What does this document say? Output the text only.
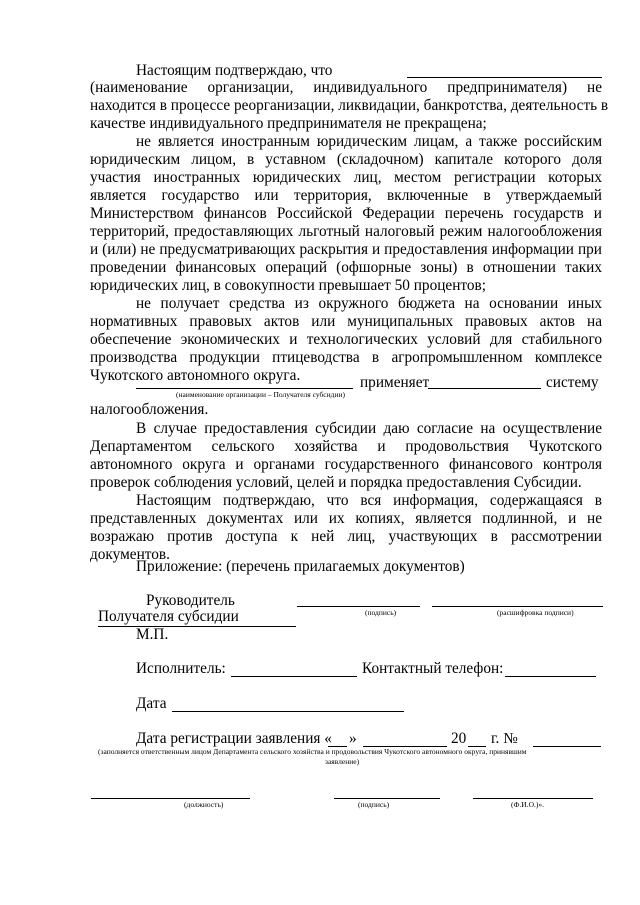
Настоящим подтверждаю, что
(наименование организации, индивидуального предпринимателя) не
находится в процессе реорганизации, ликвидации, банкротства, деятельность в
качестве индивидуального предпринимателя не прекращена;
не является иностранным юридическим лицам, а также российским
юридическим лицом, в уставном (складочном) капитале которого доля
участия иностранных юридических лиц, местом регистрации которых
является государство или территория, включенные в утверждаемый
Министерством финансов Российской Федерации перечень государств и
территорий, предоставляющих льготный налоговый режим налогообложения
и (или) не предусматривающих раскрытия и предоставления информации при
проведении финансовых операций (офшорные зоны) в отношении таких
юридических лиц, в совокупности превышает 50 процентов;
не получает средства из окружного бюджета на основании иных
нормативных правовых актов или муниципальных правовых актов на
обеспечение экономических и технологических условий для стабильного
производства продукции птицеводства в агропромышленном комплексе
Чукотского автономного округа.	применяет	системy
(наименование организации – Получателя субсидии)
налогообложения.
В случае предоставления субсидии даю согласие на осуществление
Департаментом сельского хозяйства и продовольствия Чукотского
автономного округа и органами государственного финансового контроля
проверок соблюдения условий, целей и порядка предоставления Субсидии.
Настоящим подтверждаю, что вся информация, содержащаяся в
представленных документах или их копиях, является подлинной, и не
возражаю против доступа к ней лиц, участвующих в рассмотрении
документов.
Приложение: (перечень прилагаемых документов)
Руководитель
(подпись)	(расшифровка подписи)
Получателя субсидии
М.П.
Исполнитель:	Контактный телефон:
Дата
Дата регистрации заявления « »	20 г. №
(заполняется ответственным лицом Департамента сельского хозяйства и продовольствия Чукотского автономного округа, принявшим
заявление)
(должность)	(подпись)	(Ф.И.О.)».
